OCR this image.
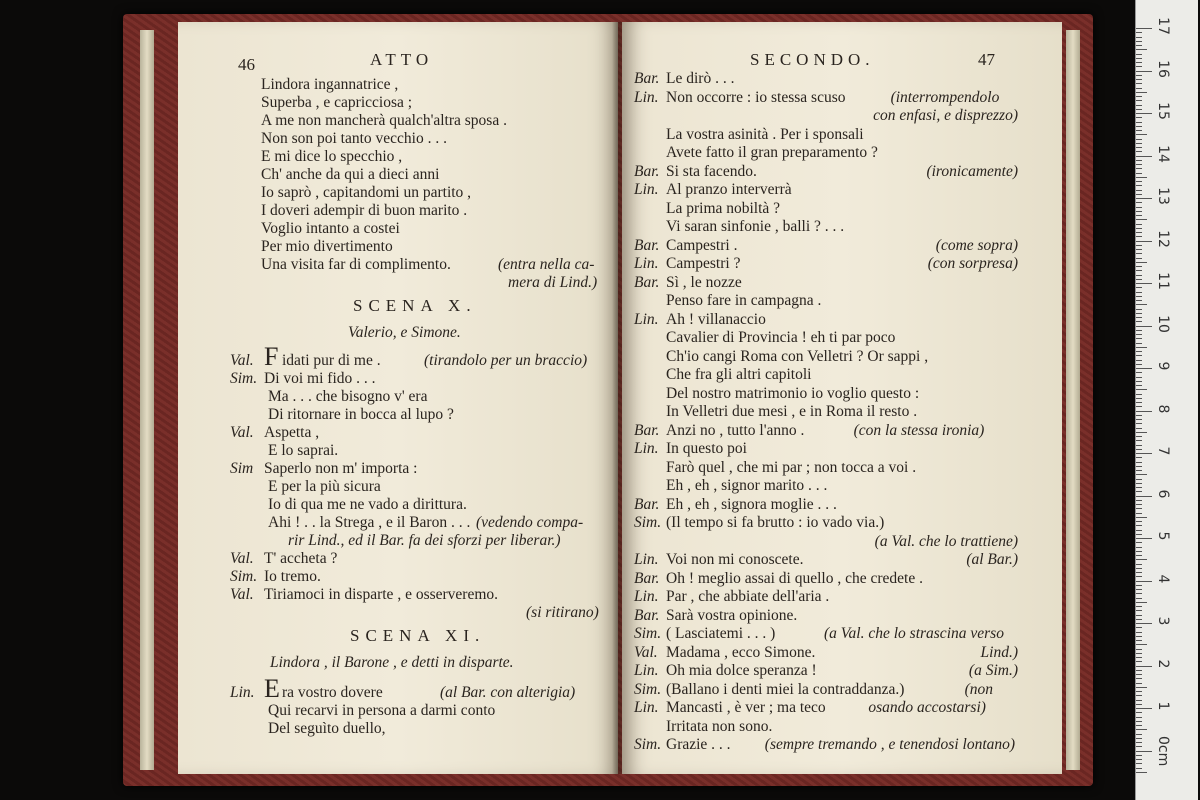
46	ATTO
Lindora ingannatrice ,
Superba , e capricciosa ;
A me non mancherà qualch'altra sposa .
Non son poi tanto vecchio . . .
E mi dice lo specchio ,
Ch' anche da qui a dieci anni
Io saprò , capitandomi un partito ,
I doveri adempir di buon marito .
Voglio intanto a costei
Per mio divertimento
Una visita far di complimento.	(entra nella ca-
mera di Lind.)
SCENA X.
Valerio, e Simone.
Val. F idati pur di me .	(tirandolo per un braccio)
Sim. Di voi mi fido . . .
Ma . . . che bisogno v' era
Di ritornare in bocca al lupo ?
Val. Aspetta ,
E lo saprai.
Sim Saperlo non m' importa :
E per la più sicura
Io di qua me ne vado a dirittura.
Ahi ! . . la Strega , e il Baron . . . (vedendo compa-
rir Lind., ed il Bar. fa dei sforzi per liberar.)
Val. T' accheta ?
Sim. Io tremo.
Val. Tiriamoci in disparte , e osserveremo.
(si ritirano)
SCENA XI.
Lindora , il Barone , e detti in disparte.
Lin. E ra vostro dovere	(al Bar. con alterigia)
Qui recarvi in persona a darmi conto
Del seguìto duello,
SECONDO.	47
Bar. Le dirò . . .
Lin. Non occorre : io stessa scuso	(interrompendolo
con enfasi, e disprezzo)
La vostra asinità . Per i sponsali
Avete fatto il gran preparamento ?
Bar. Si sta facendo.	(ironicamente)
Lin. Al pranzo interverrà
La prima nobiltà ?
Vi saran sinfonie , balli ? . . .
Bar. Campestri .	(come sopra)
Lin. Campestri ?	(con sorpresa)
Bar. Sì , le nozze
Penso fare in campagna .
Lin. Ah ! villanaccio
Cavalier di Provincia ! eh ti par poco
Ch'io cangi Roma con Velletri ? Or sappi ,
Che fra gli altri capitoli
Del nostro matrimonio io voglio questo :
In Velletri due mesi , e in Roma il resto .
Bar. Anzi no , tutto l'anno .	(con la stessa ironia)
Lin. In questo poi
Farò quel , che mi par ; non tocca a voi .
Eh , eh , signor marito . . .
Bar. Eh , eh , signora moglie . . .
Sim. (Il tempo si fa brutto : io vado via.)
(a Val. che lo trattiene)
Lin. Voi non mi conoscete.	(al Bar.)
Bar. Oh ! meglio assai di quello , che credete .
Lin. Par , che abbiate dell'aria .
Bar. Sarà vostra opinione.
Sim. ( Lasciatemi . . . )	(a Val. che lo strascina verso
Val. Madama , ecco Simone.	Lind.)
Lin. Oh mia dolce speranza !	(a Sim.)
Sim. (Ballano i denti miei la contraddanza.)	(non
Lin. Mancasti , è ver ; ma teco	osando accostarsi)
Irritata non sono.
Sim. Grazie . . . (sempre tremando , e tenendosi lontano)
17
16
15
14
13
12
11
10
9
8
7
6
5
4
3
2
1
0cm
